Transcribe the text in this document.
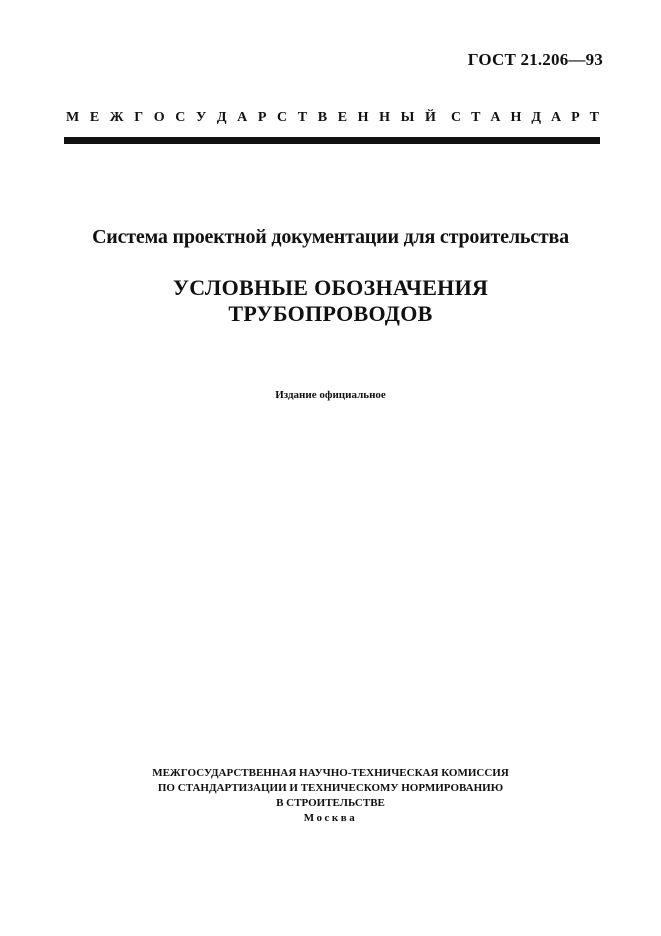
ГОСТ 21.206—93
М Е Ж Г О С У Д А Р С Т В Е Н Н Ы Й С Т А Н Д А Р Т
Система проектной документации для строительства
УСЛОВНЫЕ ОБОЗНАЧЕНИЯ
ТРУБОПРОВОДОВ
Издание официальное
МЕЖГОСУДАРСТВЕННАЯ НАУЧНО-ТЕХНИЧЕСКАЯ КОМИССИЯ
ПО СТАНДАРТИЗАЦИИ И ТЕХНИЧЕСКОМУ НОРМИРОВАНИЮ
В СТРОИТЕЛЬСТВЕ
Москва
